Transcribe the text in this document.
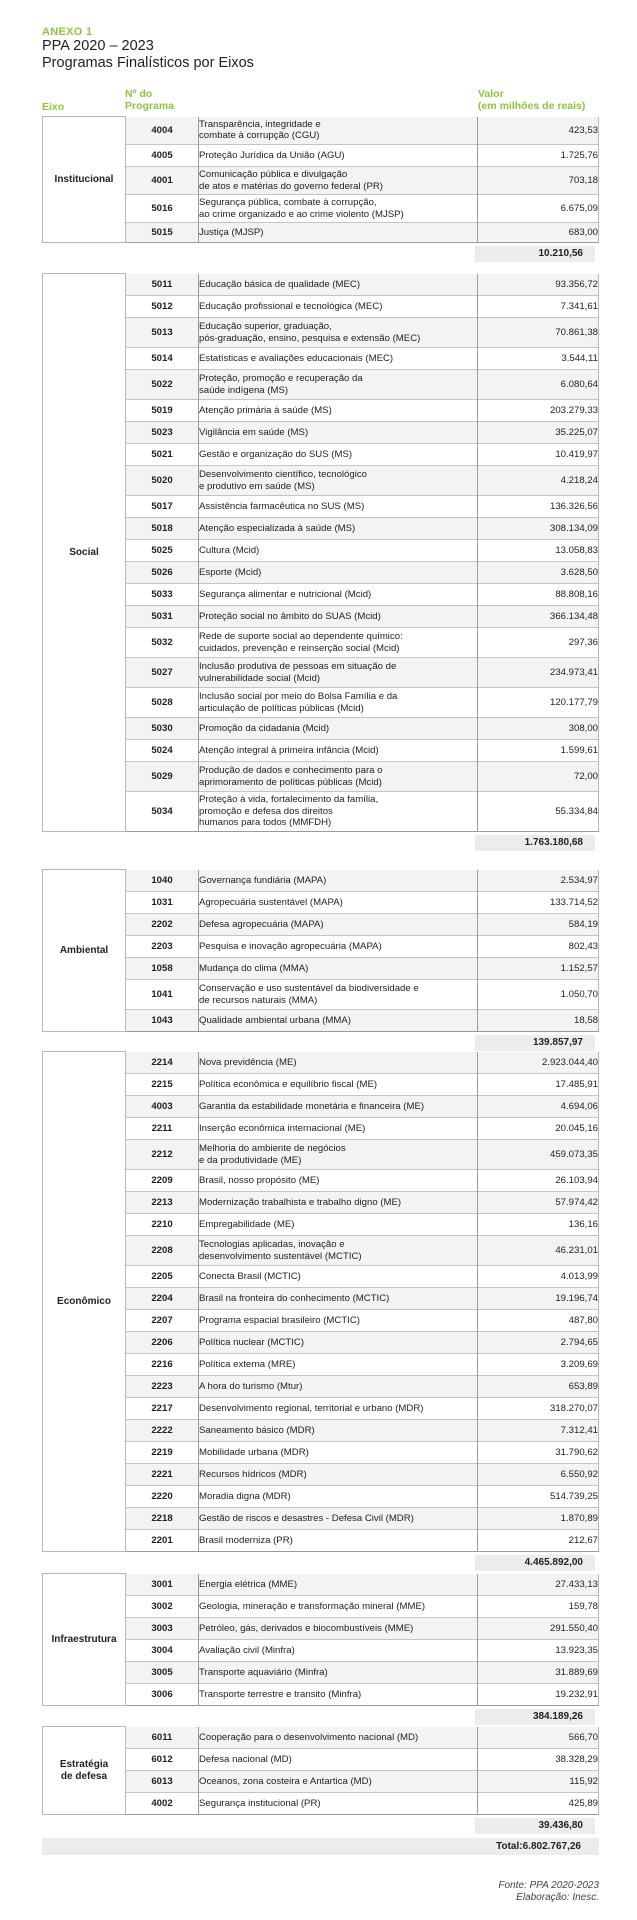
ANEXO 1
PPA 2020 – 2023
Programas Finalísticos por Eixos
Eixo
Nº do
Programa
Valor
(em milhões de reais)
Institucional	4004	Transparência, integridade e
combate à corrupção (CGU)	423,53
	4005	Proteção Jurídica da União (AGU)	1.725,76
	4001	Comunicação pública e divulgação
de atos e matérias do governo federal (PR)	703,18
	5016	Segurança pública, combate à corrupção,
ao crime organizado e ao crime violento (MJSP)	6.675,09
	5015	Justiça (MJSP)	683,00
10.210,56
Social	5011	Educação básica de qualidade (MEC)	93.356,72
	5012	Educação profissional e tecnológica (MEC)	7.341,61
	5013	Educação superior, graduação,
pós-graduação, ensino, pesquisa e extensão (MEC)	70.861,38
	5014	Estatísticas e avaliações educacionais (MEC)	3.544,11
	5022	Proteção, promoção e recuperação da
saúde indígena (MS)	6.080,64
	5019	Atenção primária à saúde (MS)	203.279,33
	5023	Vigilância em saúde (MS)	35.225,07
	5021	Gestão e organização do SUS (MS)	10.419,97
	5020	Desenvolvimento científico, tecnológico
e produtivo em saúde (MS)	4.218,24
	5017	Assistência farmacêutica no SUS (MS)	136.326,56
	5018	Atenção especializada à saúde (MS)	308.134,09
	5025	Cultura (Mcid)	13.058,83
	5026	Esporte (Mcid)	3.628,50
	5033	Segurança alimentar e nutricional (Mcid)	88.808,16
	5031	Proteção social no âmbito do SUAS (Mcid)	366.134,48
	5032	Rede de suporte social ao dependente químico:
cuidados, prevenção e reinserção social (Mcid)	297,36
	5027	Inclusão produtiva de pessoas em situação de
vulnerabilidade social (Mcid)	234.973,41
	5028	Inclusão social por meio do Bolsa Família e da
articulação de políticas públicas (Mcid)	120.177,79
	5030	Promoção da cidadania (Mcid)	308,00
	5024	Atenção integral à primeira infância (Mcid)	1.599,61
	5029	Produção de dados e conhecimento para o
aprimoramento de políticas públicas (Mcid)	72,00
	5034	Proteção à vida, fortalecimento da família,
promoção e defesa dos direitos
humanos para todos (MMFDH)	55.334,84
1.763.180,68
Ambiental	1040	Governança fundiária (MAPA)	2.534,97
	1031	Agropecuária sustentável (MAPA)	133.714,52
	2202	Defesa agropecuária (MAPA)	584,19
	2203	Pesquisa e inovação agropecuária (MAPA)	802,43
	1058	Mudança do clima (MMA)	1.152,57
	1041	Conservação e uso sustentável da biodiversidade e
de recursos naturais (MMA)	1.050,70
	1043	Qualidade ambiental urbana (MMA)	18,58
139.857,97
Econômico	2214	Nova previdência (ME)	2.923.044,40
	2215	Política econômica e equilíbrio fiscal (ME)	17.485,91
	4003	Garantia da estabilidade monetária e financeira (ME)	4.694,06
	2211	Inserção econômica internacional (ME)	20.045,16
	2212	Melhoria do ambiente de negócios
e da produtividade (ME)	459.073,35
	2209	Brasil, nosso propósito (ME)	26.103,94
	2213	Modernização trabalhista e trabalho digno (ME)	57.974,42
	2210	Empregabilidade (ME)	136,16
	2208	Tecnologias aplicadas, inovação e
desenvolvimento sustentável (MCTIC)	46.231,01
	2205	Conecta Brasil (MCTIC)	4.013,99
	2204	Brasil na fronteira do conhecimento (MCTIC)	19.196,74
	2207	Programa espacial brasileiro (MCTIC)	487,80
	2206	Política nuclear (MCTIC)	2.794,65
	2216	Política externa (MRE)	3.209,69
	2223	A hora do turismo (Mtur)	653,89
	2217	Desenvolvimento regional, territorial e urbano (MDR)	318.270,07
	2222	Saneamento básico (MDR)	7.312,41
	2219	Mobilidade urbana (MDR)	31.790,62
	2221	Recursos hídricos (MDR)	6.550,92
	2220	Moradia digna (MDR)	514.739,25
	2218	Gestão de riscos e desastres - Defesa Civil (MDR)	1.870,89
	2201	Brasil moderniza (PR)	212,67
4.465.892,00
Infraestrutura	3001	Energia elétrica (MME)	27.433,13
	3002	Geologia, mineração e transformação mineral (MME)	159,78
	3003	Petróleo, gás, derivados e biocombustíveis (MME)	291.550,40
	3004	Avaliação civil (Minfra)	13.923,35
	3005	Transporte aquaviário (Minfra)	31.889,69
	3006	Transporte terrestre e transito (Minfra)	19.232,91
384.189,26
Estratégia
de defesa	6011	Cooperação para o desenvolvimento nacional (MD)	566,70
	6012	Defesa nacional (MD)	38.328,29
	6013	Oceanos, zona costeira e Antartica (MD)	115,92
	4002	Segurança institucional (PR)	425,89
39.436,80
Total:6.802.767,26
Fonte: PPA 2020-2023
Elaboração: Inesc.
